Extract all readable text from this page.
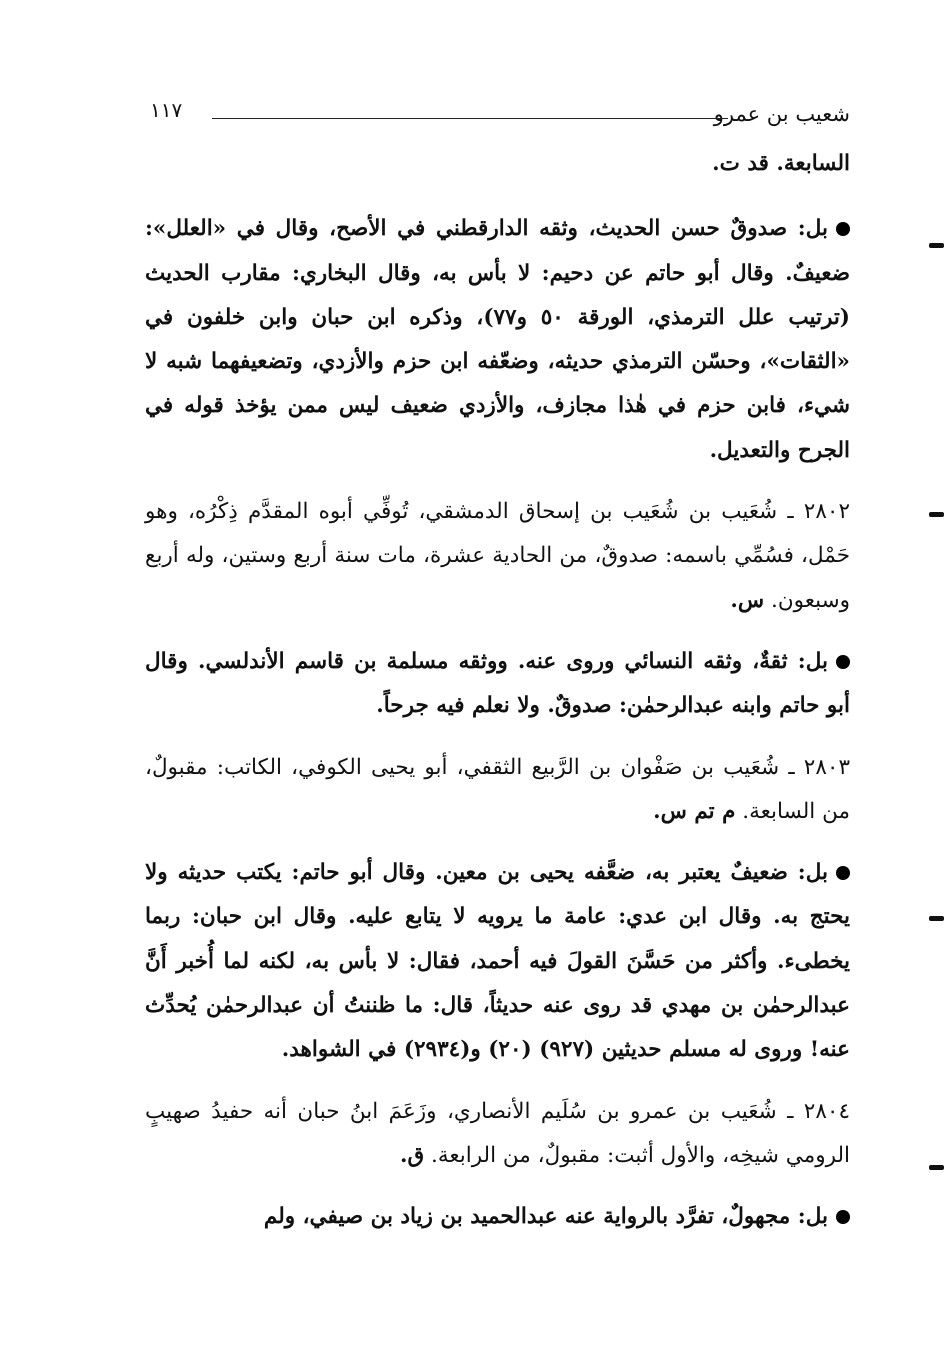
شعيب بن عمرو
١١٧

السابعة. قد ت.

بل: صدوقٌ حسن الحديث، وثقه الدارقطني في الأصح، وقال في «العلل»: ضعيفٌ. وقال أبو حاتم عن دحيم: لا بأس به، وقال البخاري: مقارب الحديث (ترتيب علل الترمذي، الورقة ٥٠ و٧٧)، وذكره ابن حبان وابن خلفون في «الثقات»، وحسّن الترمذي حديثه، وضعّفه ابن حزم والأزدي، وتضعيفهما شبه لا شيء، فابن حزم في هٰذا مجازف، والأزدي ضعيف ليس ممن يؤخذ قوله في الجرح والتعديل.

٢٨٠٢ ـ شُعَيب بن شُعَيب بن إسحاق الدمشقي، تُوفِّي أبوه المقدَّم ذِكْرُه، وهو حَمْل، فسُمِّي باسمه: صدوقٌ، من الحادية عشرة، مات سنة أربع وستين، وله أربع وسبعون. س.

بل: ثقةٌ، وثقه النسائي وروى عنه. ووثقه مسلمة بن قاسم الأندلسي. وقال أبو حاتم وابنه عبدالرحمٰن: صدوقٌ. ولا نعلم فيه جرحاً.

٢٨٠٣ ـ شُعَيب بن صَفْوان بن الرَّبيع الثقفي، أبو يحيى الكوفي، الكاتب: مقبولٌ، من السابعة. م تم س.

بل: ضعيفٌ يعتبر به، ضعَّفه يحيى بن معين. وقال أبو حاتم: يكتب حديثه ولا يحتج به. وقال ابن عدي: عامة ما يرويه لا يتابع عليه. وقال ابن حبان: ربما يخطىء. وأكثر من حَسَّنَ القولَ فيه أحمد، فقال: لا بأس به، لكنه لما أُخبر أَنَّ عبدالرحمٰن بن مهدي قد روى عنه حديثاً، قال: ما ظننتُ أن عبدالرحمٰن يُحدِّث عنه! وروى له مسلم حديثين (٩٢٧) (٢٠) و(٢٩٣٤) في الشواهد.

٢٨٠٤ ـ شُعَيب بن عمرو بن سُلَيم الأنصاري، وزَعَمَ ابنُ حبان أنه حفيدُ صهيبٍ الرومي شيخِه، والأول أثبت: مقبولٌ، من الرابعة. ق.

بل: مجهولٌ، تفرَّد بالرواية عنه عبدالحميد بن زياد بن صيفي، ولم
